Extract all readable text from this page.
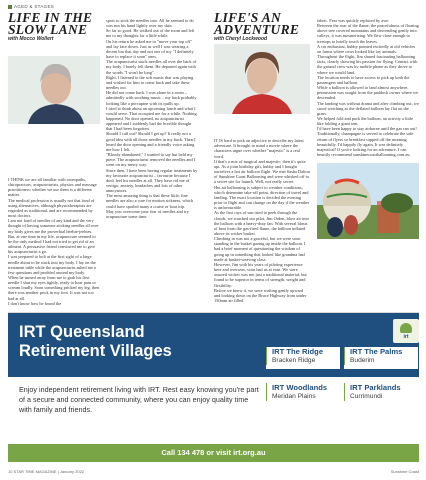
AGED & STAGES
LIFE IN THE
SLOW LANE
with Mocco Wollert

I THINK we are all familiar with osteopaths, chiropractors, acupuncturists, physios and massage practitioners; whether we use them is a different matter.

The medical profession is usually not that fond of using alternatives, although physiotherapists are regarded as traditional, and are recommended by most doctors.

I am not fond of needles of any kind and the very thought of having someone sticking needles all over my body gives me the proverbial heebie-jeebies.

But, at one time in my life, acupuncture seemed to be the only method I had not tried to get rid of an ailment. A persuasive friend convinced me to give his acupuncturist a go.

I was prepared to bolt at the first sight of a large needle about to be stuck into my body. I lay on the treatment table while the acupuncturist asked me a few questions and prodded around my body.

When he turned away from me to grab his first needle I shut my eyes tightly, ready to hear pain or scream loudly. Soon something pricked my leg, then there was another prick in my foot. It was not too bad at all.

I don't know how he found the

spots to stick the needles into. All he seemed to do was run his hand lightly over my skin.

So far so good. He walked out of the room and left me to my thoughts for a little while.

On his return he asked me to "move your top off" and lay face down. Just as well I was wearing a decent bra that day and not one of my "I definitely have to replace it soon" ones.

The acupuncturist stuck needles all over the back of my body. I barely felt them. He departed again with the words "I won't be long".

Right, I listened to the soft music that was playing and wished for him to come back and take these needles out.

He did not come back. I was alone in a room – admittedly with soothing music – my back probably looking like a porcupine with its quills up.

I tried to think about an upcoming lunch and what I would serve. That occupied me for a while. Nothing happened. No door opened, no acupuncturist appeared and I suddenly had the horrible thought that I had been forgotten.

Should I call out? Should I get up? It really not a good idea with all those needles in my back. Then I heard the door opening and a friendly voice asking me how I felt.

"Bloody abandoned," I wanted to say but held my piece. The acupuncturist removed the needles and I went on my merry way.

Since then, I have been having regular treatments by my favourite acupuncturist – favourite because I don't feel his needles at all. They have rid me of vertigo, anxiety, headaches and lots of other annoyances.

The most amazing thing is that these little, fine needles are also a cure for motion sickness, which could have spoiled many a cruise or boat trip.

May you overcome your fear of needles and try acupuncture some time.

LIFE'S AN
ADVENTURE
with Cheryl Lockwood

IT IS hard to pick an adjective to describe my latest adventure. It brought to mind a movie where the characters argue over whether "majestic" is a real word.

If that's a mix of magical and majestic, then it's quite apt. As a joint birthday gift, hubby and I bought ourselves a hot air balloon flight. We met Sasha Dalton of Sunshine Coast Ballooning and were whisked off to a secret site for launch. Well, not really secret.

Hot air ballooning is subject to weather conditions, which determine take-off point, direction of travel and landing. The exact location is decided the evening prior to flight and can change on the day if the weather is unfavourable.

As the first rays of sun tried to peek through the clouds, we watched our pilot, Jim Orden, blow air into the balloon with a heavy-duty fan. With several blasts of heat from the gas-fired flame, the balloon inflated above its wicker basket.

Climbing in was not a graceful, but we were soon standing in the basket gazing up inside the balloon. I had a brief moment of questioning the wisdom of going up in something that looked like grandma had made at basket-weaving class.

However, Jim with his years of piloting experience here and overseas, soon had us at ease. We were assured wicker was not just a traditional material, but found to be superior in terms of strength, weight and flexibility.

Before we knew it, we were wafting gently upward and looking down on the Bruce Highway from under 150mm air filled

fabric. Fear was quickly replaced by awe.

Between the roar of the flame, the peacefulness of floating above tree covered mountains and descending gently into valleys, it was mesmerising. We flew close enough to treetops to briefly touch the leaves.

A car enthusiast, hubby pointed excitedly at old vehicles on farms where cows looked like toy animals.

Throughout the flight, Jim shared fascinating ballooning facts, clearly showing his passion for flying. Contact with the ground crew was by mobile phone as they drove to where we would land.

The location needs to have access to pick up both the passengers and balloon.

While a balloon is allowed to land almost anywhere, permission was sought from the paddock owner where we descended.

The landing was without drama and after climbing out, we stood watching as the deflated balloon lay flat on the grass.

We helped fold and pack the balloon, an activity a little like folding a giant tent.

I'd have been happy to stay airborne until the gas ran out!

Traditionally, champagne is served to celebrate the safe return of flyers so breakfast capped off the morning beautifully. I'd happily fly again. It was definitely majestical! If you're looking for an adventure, I can heartily recommend sunshinecoastballooning.com.au.

IRT Queensland
Retirement Villages
Enjoy independent retirement living with IRT. Rest easy knowing you're part of a secure and connected community, where you can enjoy quality time with family and friends.
IRT The Ridge
Bracken Ridge
IRT The Palms
Buderim
IRT Woodlands
Meridan Plains
IRT Parklands
Currimundi
irt
Call 134 478 or visit irt.org.au
10 STAR TIME MAGAZINE | January 2022	Sunshine Coast
